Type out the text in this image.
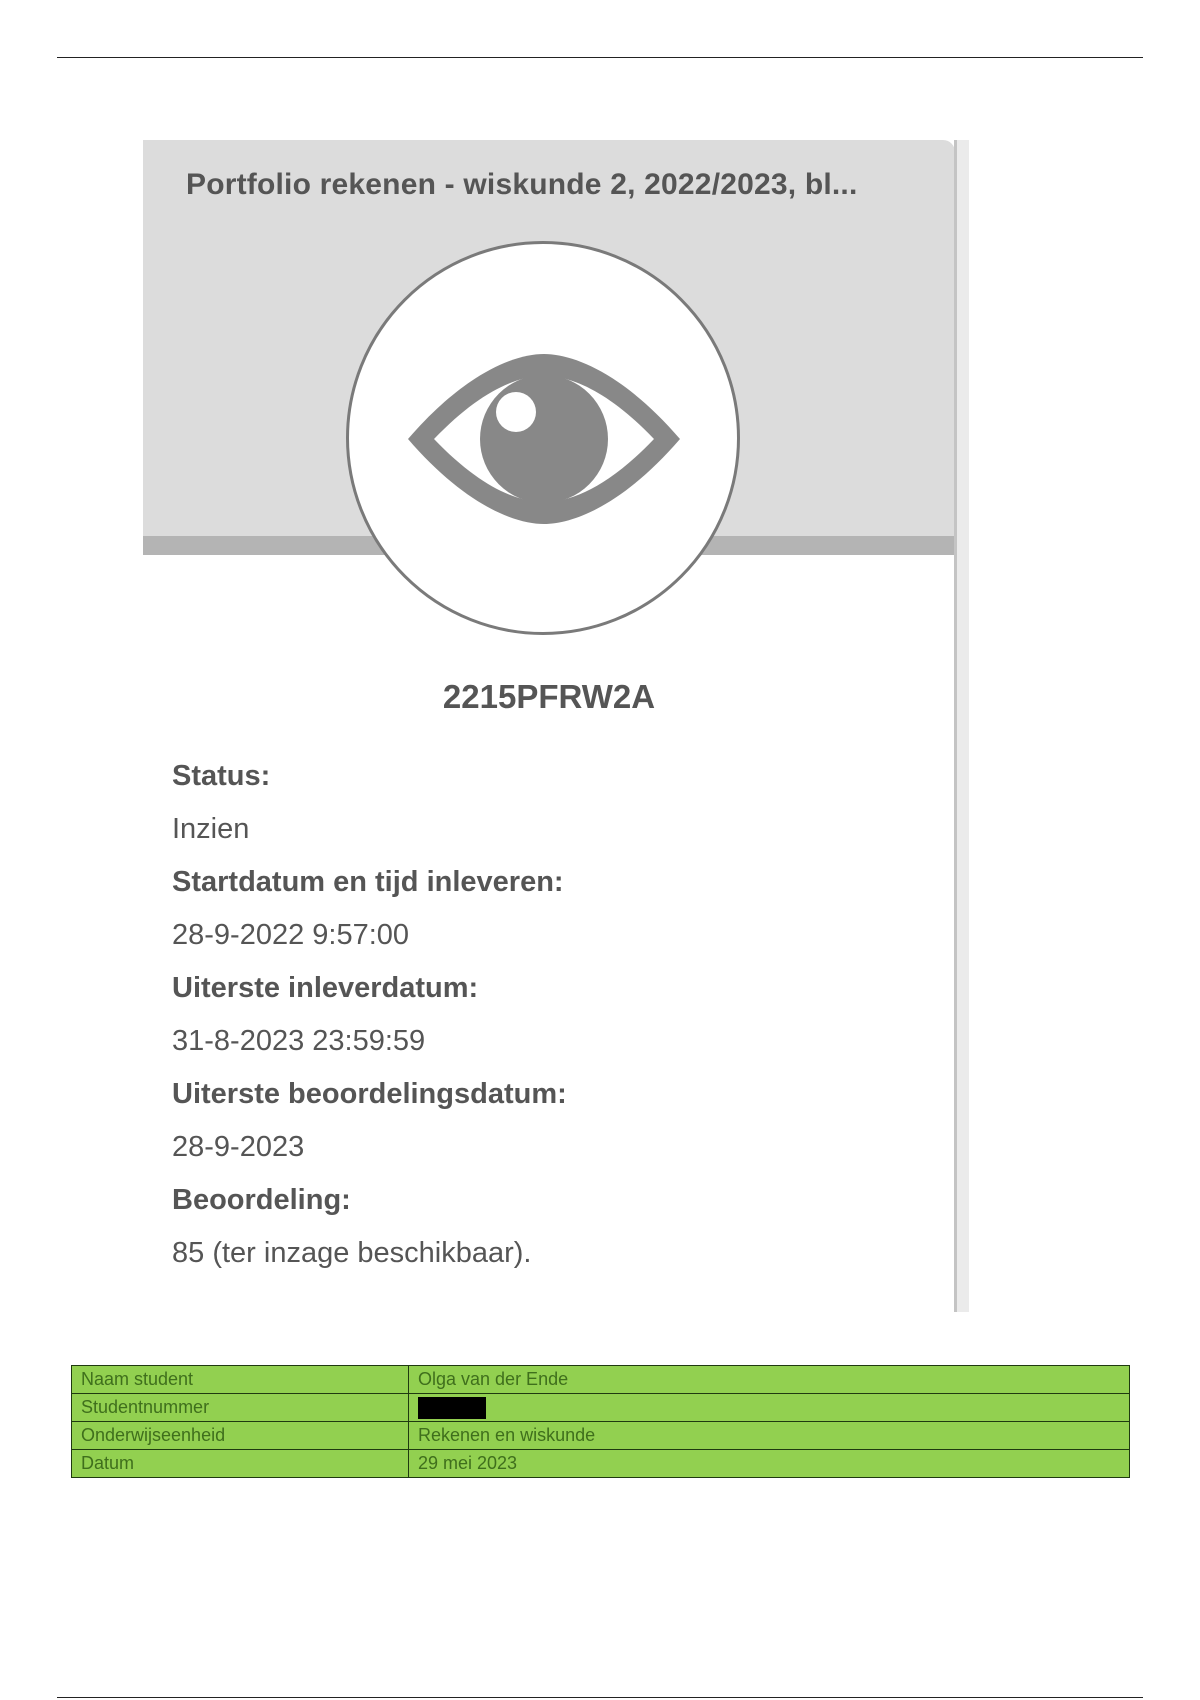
Portfolio rekenen - wiskunde 2, 2022/2023, bl...
2215PFRW2A
Status:
Inzien
Startdatum en tijd inleveren:
28-9-2022 9:57:00
Uiterste inleverdatum:
31-8-2023 23:59:59
Uiterste beoordelingsdatum:
28-9-2023
Beoordeling:
85 (ter inzage beschikbaar).
Naam student	Olga van der Ende
Studentnummer	
Onderwijseenheid	Rekenen en wiskunde
Datum	29 mei 2023
